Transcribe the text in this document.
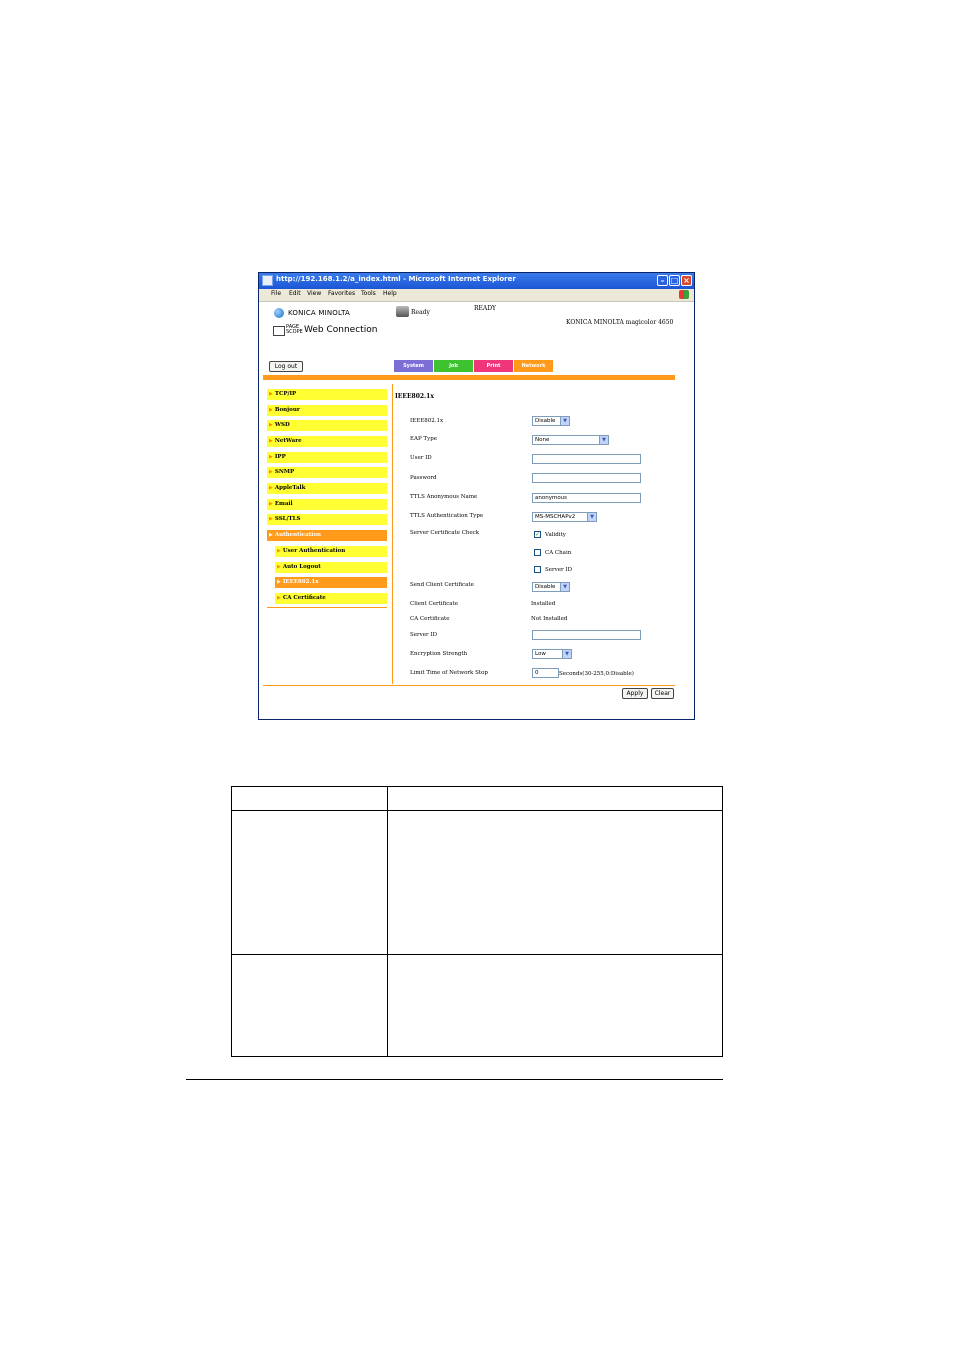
http://192.168.1.2/a_index.html - Microsoft Internet Explorer	– □ ×
File Edit View Favorites Tools Help
KONICA MINOLTA
PAGE
SCOPE Web Connection
Ready
READY
KONICA MINOLTA magicolor 4650
Log out	System	Job	Print	Network
▶ TCP/IP
▶ Bonjour
▶ WSD
▶ NetWare
▶ IPP
▶ SNMP
▶ AppleTalk
▶ Email
▶ SSL/TLS
▶ Authentication
▶ User Authentication
▶ Auto Logout
▶ IEEE802.1x
▶ CA Certificate
IEEE802.1x
IEEE802.1x	Disable	▼
EAP Type	None	▼
User ID
Password
TTLS Anonymous Name	anonymous
TTLS Authentication Type	MS-MSCHAPv2	▼
Server Certificate Check	✓ Validity
CA Chain
Server ID
Send Client Certificate	Disable	▼
Client Certificate	Installed
CA Certificate	Not Installed
Server ID
Encryption Strength	Low	▼
Limit Time of Network Stop	0	Seconds(30-255,0:Disable)
Apply	Clear
